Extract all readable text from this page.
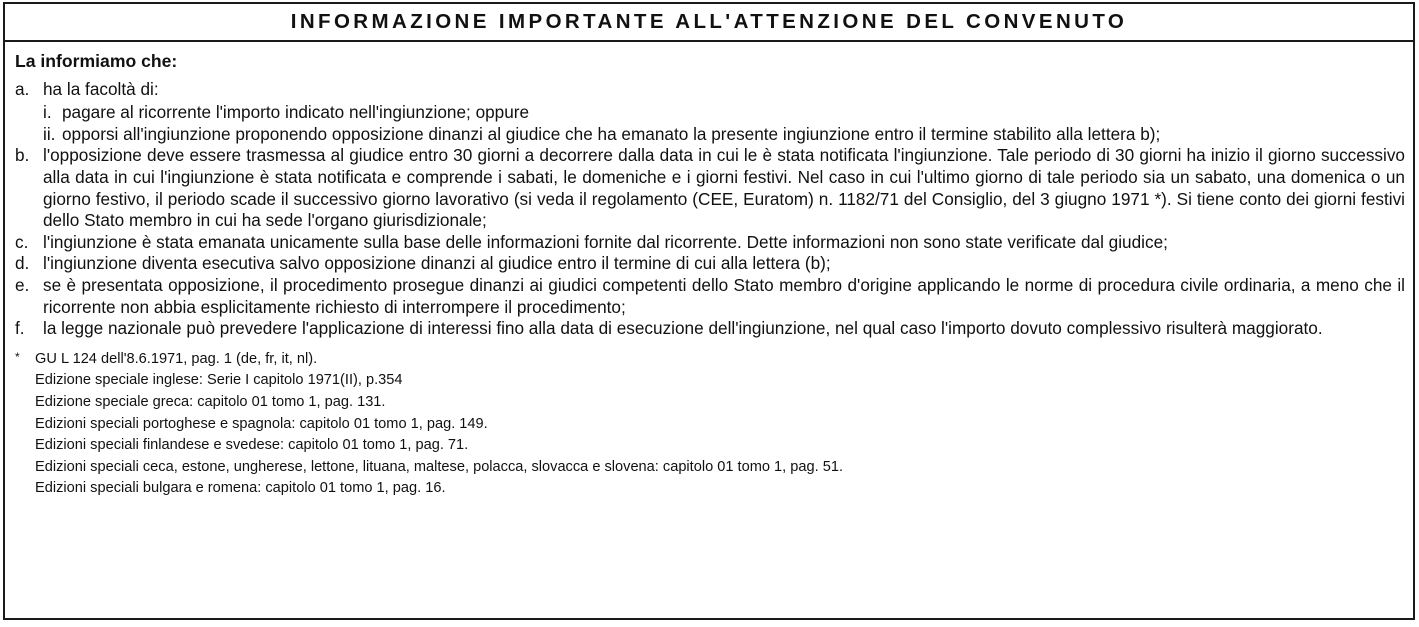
INFORMAZIONE IMPORTANTE ALL'ATTENZIONE DEL CONVENUTO
La informiamo che:
a. ha la facoltà di:
i. pagare al ricorrente l'importo indicato nell'ingiunzione; oppure
ii. opporsi all'ingiunzione proponendo opposizione dinanzi al giudice che ha emanato la presente ingiunzione entro il termine stabilito alla lettera b);
b. l'opposizione deve essere trasmessa al giudice entro 30 giorni a decorrere dalla data in cui le è stata notificata l'ingiunzione. Tale periodo di 30 giorni ha inizio il giorno successivo alla data in cui l'ingiunzione è stata notificata e comprende i sabati, le domeniche e i giorni festivi. Nel caso in cui l'ultimo giorno di tale periodo sia un sabato, una domenica o un giorno festivo, il periodo scade il successivo giorno lavorativo (si veda il regolamento (CEE, Euratom) n. 1182/71 del Consiglio, del 3 giugno 1971 *). Si tiene conto dei giorni festivi dello Stato membro in cui ha sede l'organo giurisdizionale;
c. l'ingiunzione è stata emanata unicamente sulla base delle informazioni fornite dal ricorrente. Dette informazioni non sono state verificate dal giudice;
d. l'ingiunzione diventa esecutiva salvo opposizione dinanzi al giudice entro il termine di cui alla lettera (b);
e. se è presentata opposizione, il procedimento prosegue dinanzi ai giudici competenti dello Stato membro d'origine applicando le norme di procedura civile ordinaria, a meno che il ricorrente non abbia esplicitamente richiesto di interrompere il procedimento;
f.	la legge nazionale può prevedere l'applicazione di interessi fino alla data di esecuzione dell'ingiunzione, nel qual caso l'importo dovuto complessivo risulterà maggiorato.
*	GU L 124 dell'8.6.1971, pag. 1 (de, fr, it, nl).
Edizione speciale inglese: Serie I capitolo 1971(II), p.354
Edizione speciale greca: capitolo 01 tomo 1, pag. 131.
Edizioni speciali portoghese e spagnola: capitolo 01 tomo 1, pag. 149.
Edizioni speciali finlandese e svedese: capitolo 01 tomo 1, pag. 71.
Edizioni speciali ceca, estone, ungherese, lettone, lituana, maltese, polacca, slovacca e slovena: capitolo 01 tomo 1, pag. 51.
Edizioni speciali bulgara e romena: capitolo 01 tomo 1, pag. 16.
